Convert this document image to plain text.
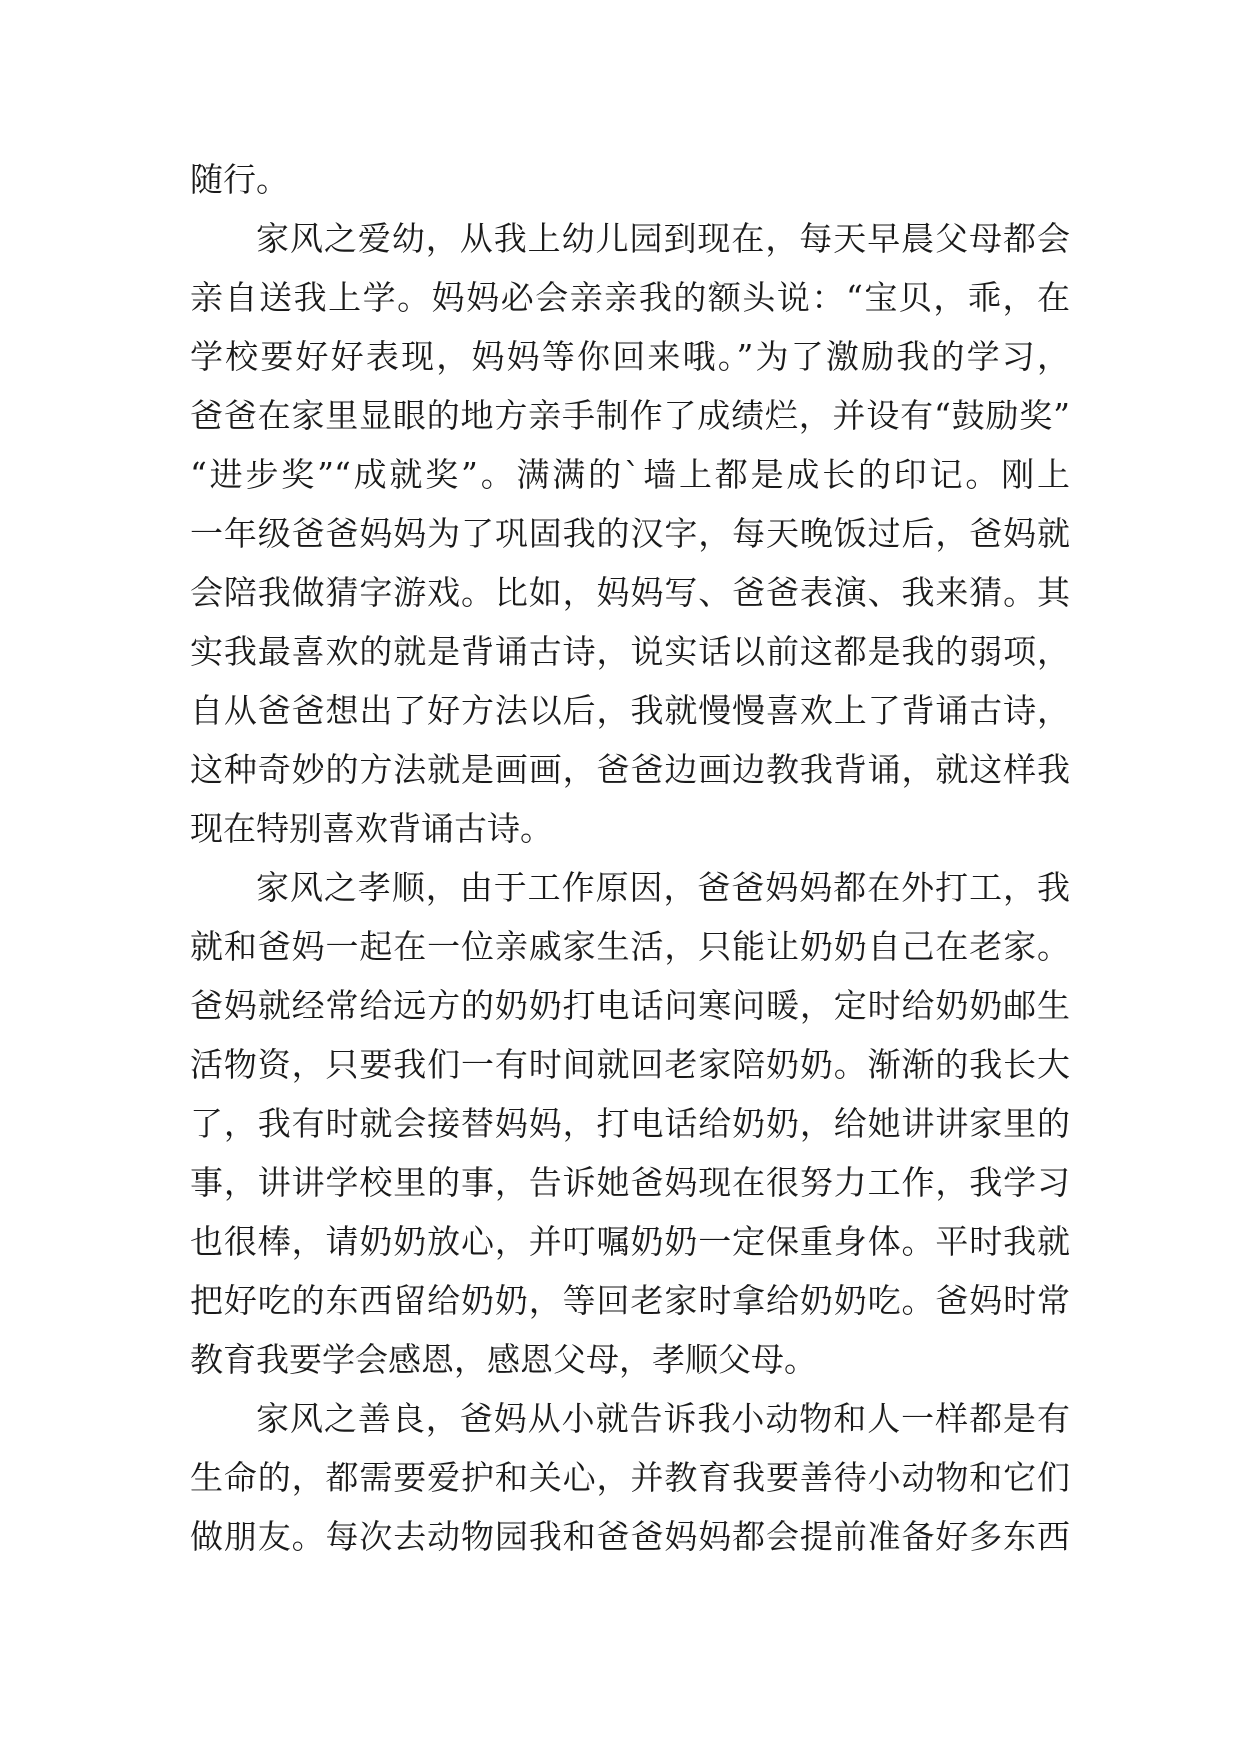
随行。
家风之爱幼，从我上幼儿园到现在，每天早晨父母都会
亲自送我上学。妈妈必会亲亲我的额头说：“宝贝，乖，在
学校要好好表现，妈妈等你回来哦。”为了激励我的学习，
爸爸在家里显眼的地方亲手制作了成绩烂，并设有“鼓励奖”
“进步奖”“成就奖”。满满的`墙上都是成长的印记。刚上
一年级爸爸妈妈为了巩固我的汉字，每天晚饭过后，爸妈就
会陪我做猜字游戏。比如，妈妈写、爸爸表演、我来猜。其
实我最喜欢的就是背诵古诗，说实话以前这都是我的弱项，
自从爸爸想出了好方法以后，我就慢慢喜欢上了背诵古诗，
这种奇妙的方法就是画画，爸爸边画边教我背诵，就这样我
现在特别喜欢背诵古诗。
家风之孝顺，由于工作原因，爸爸妈妈都在外打工，我
就和爸妈一起在一位亲戚家生活，只能让奶奶自己在老家。
爸妈就经常给远方的奶奶打电话问寒问暖，定时给奶奶邮生
活物资，只要我们一有时间就回老家陪奶奶。渐渐的我长大
了，我有时就会接替妈妈，打电话给奶奶，给她讲讲家里的
事，讲讲学校里的事，告诉她爸妈现在很努力工作，我学习
也很棒，请奶奶放心，并叮嘱奶奶一定保重身体。平时我就
把好吃的东西留给奶奶，等回老家时拿给奶奶吃。爸妈时常
教育我要学会感恩，感恩父母，孝顺父母。
家风之善良，爸妈从小就告诉我小动物和人一样都是有
生命的，都需要爱护和关心，并教育我要善待小动物和它们
做朋友。每次去动物园我和爸爸妈妈都会提前准备好多东西
